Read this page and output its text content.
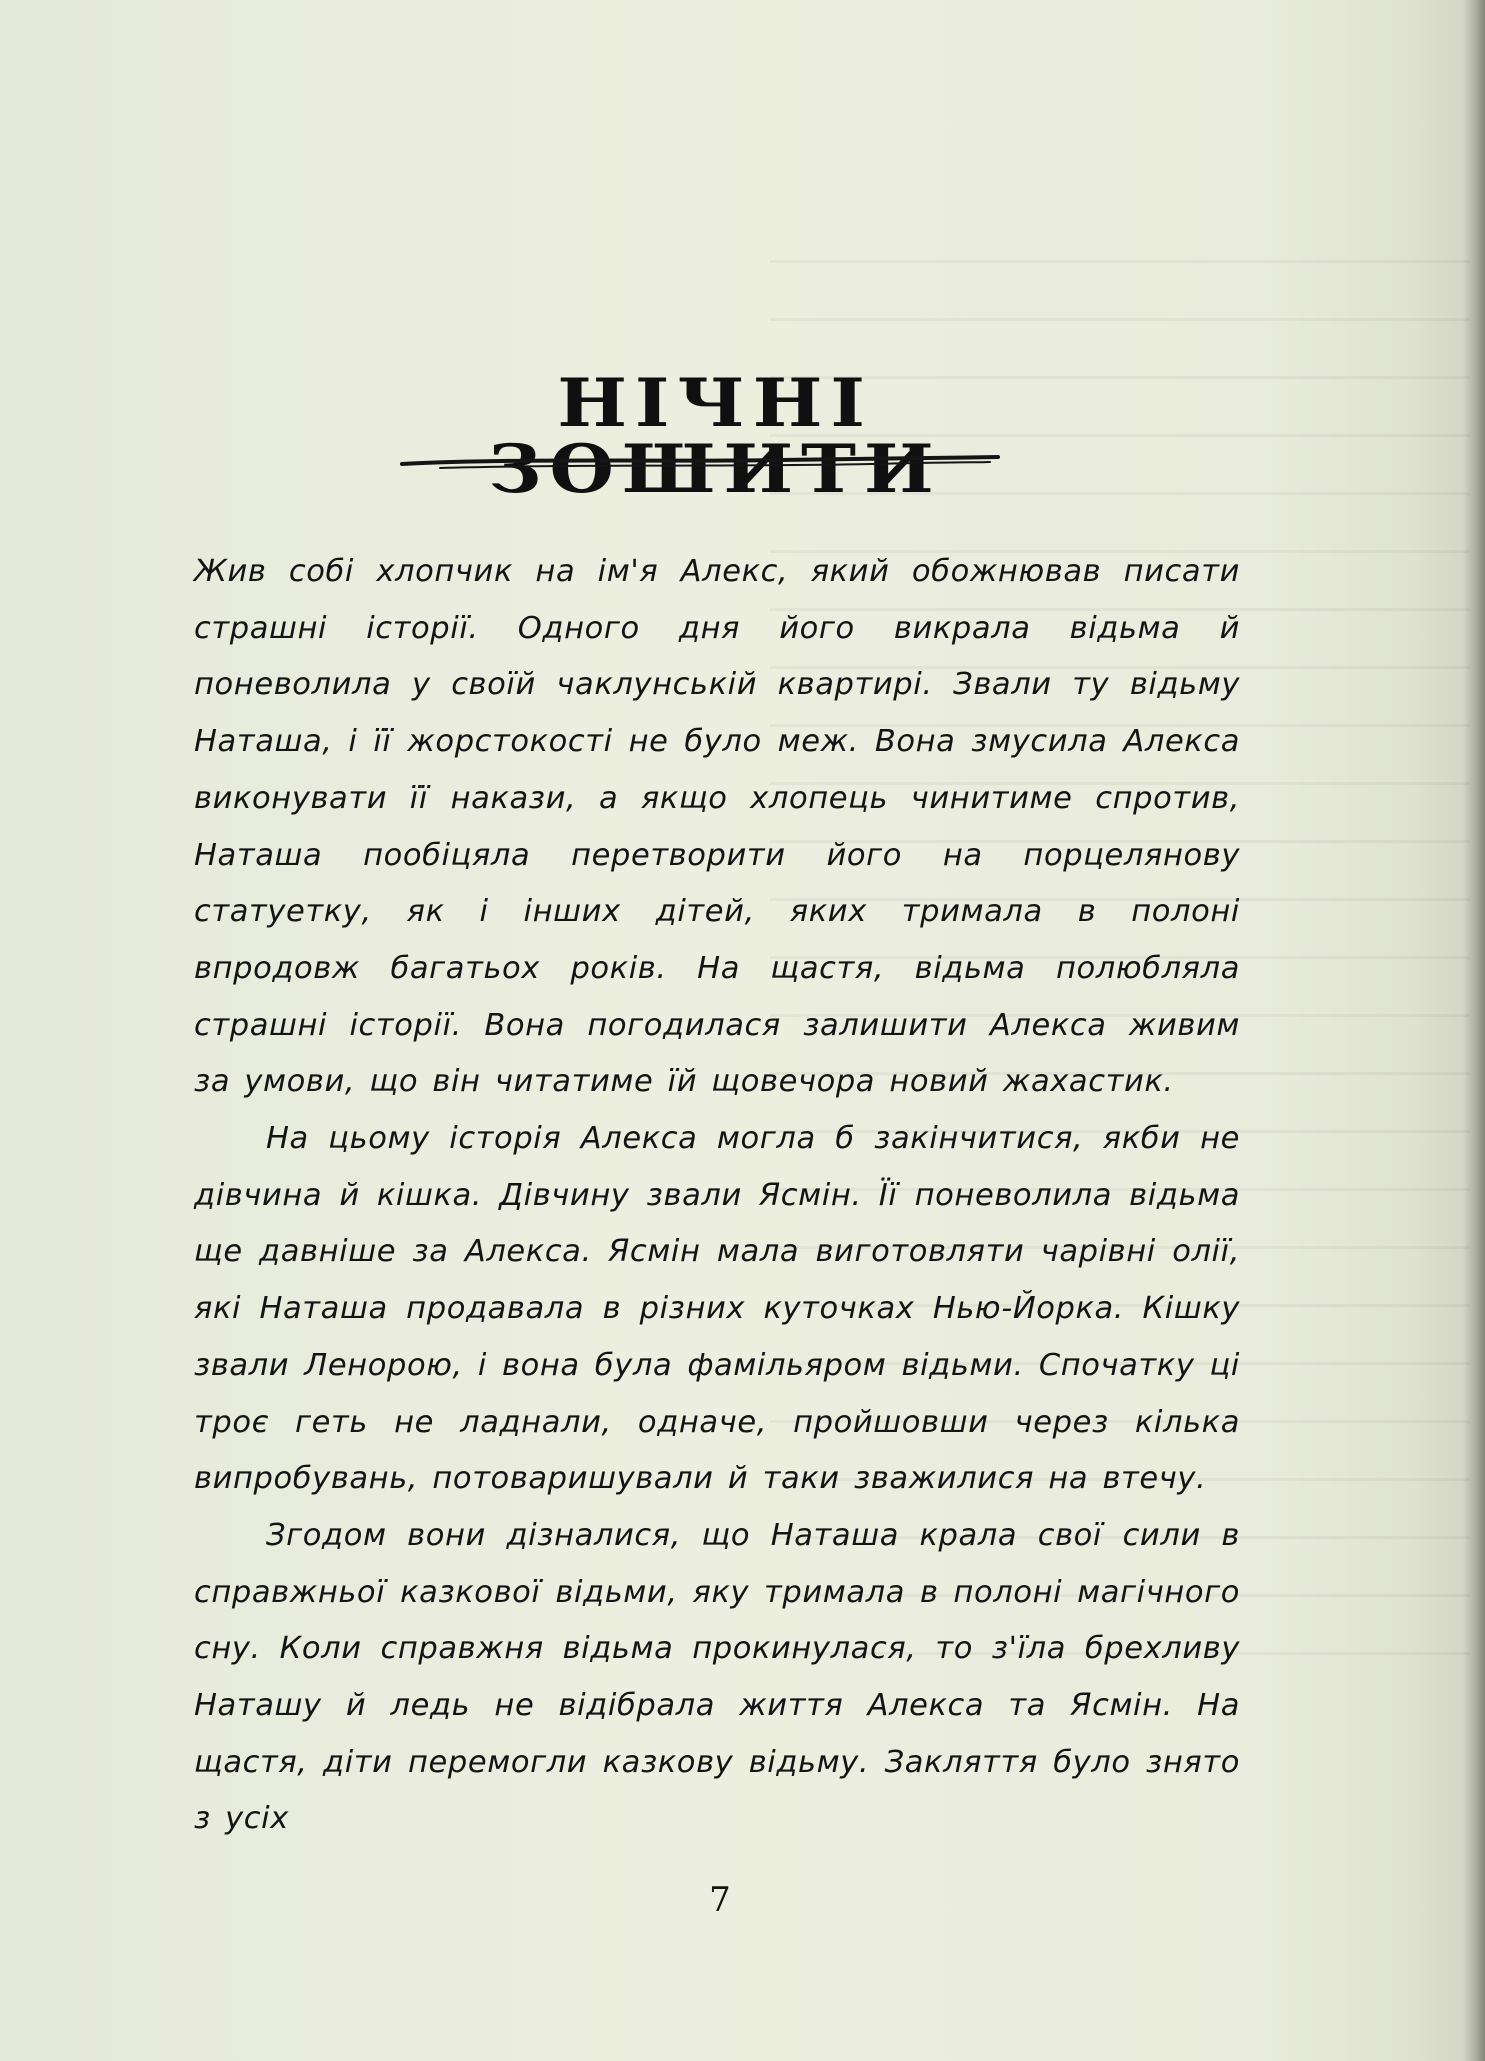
НІЧНІ ЗОШИТИ

Жив собі хлопчик на ім'я Алекс, який обожнював писати страшні історії. Одного дня його викрала відьма й поневолила у своїй чаклунській квартирі. Звали ту відьму Наташа, і її жорстокості не було меж. Вона змусила Алекса виконувати її накази, а якщо хлопець чинитиме спротив, Наташа пообіцяла перетворити його на порцелянову статуетку, як і інших дітей, яких тримала в полоні впродовж багатьох років. На щастя, відьма полюбляла страшні історії. Вона погодилася залишити Алекса живим за умови, що він читатиме їй щовечора новий жахастик.

На цьому історія Алекса могла б закінчитися, якби не дівчина й кішка. Дівчину звали Ясмін. Її поневолила відьма ще давніше за Алекса. Ясмін мала виготовляти чарівні олії, які Наташа продавала в різних куточках Нью-Йорка. Кішку звали Ленорою, і вона була фамільяром відьми. Спочатку ці троє геть не ладнали, одначе, пройшовши через кілька випробувань, потоваришували й таки зважилися на втечу.

Згодом вони дізналися, що Наташа крала свої сили в справжньої казкової відьми, яку тримала в полоні магічного сну. Коли справжня відьма прокинулася, то з'їла брехливу Наташу й ледь не відібрала життя Алекса та Ясмін. На щастя, діти перемогли казкову відьму. Закляття було знято з усіх

7
